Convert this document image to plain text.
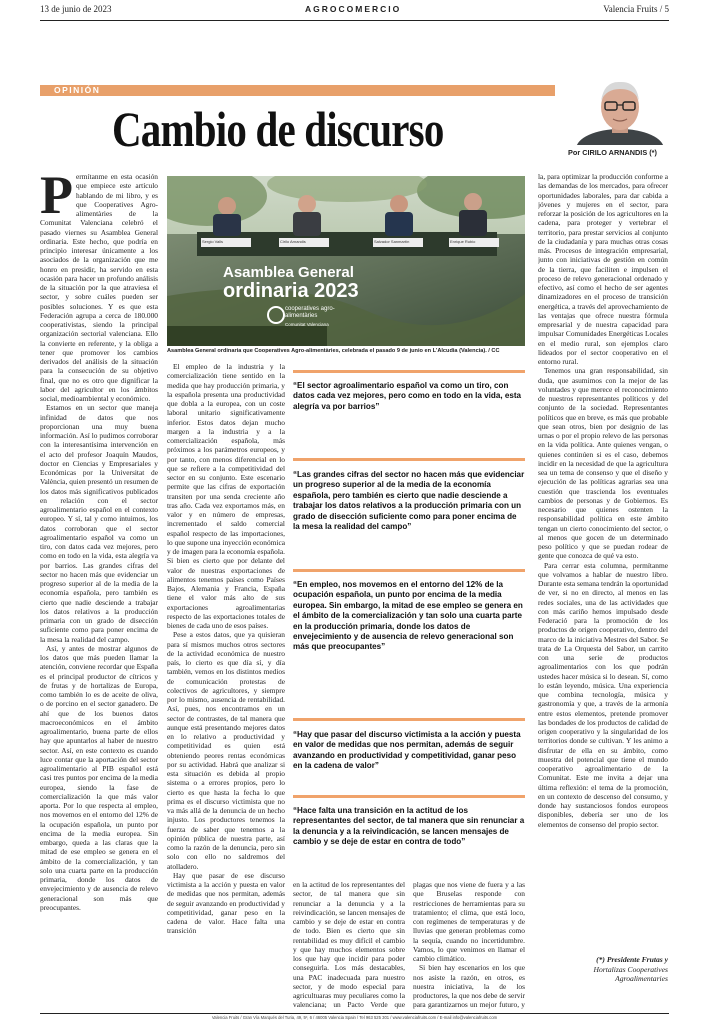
13 de junio de 2023	AGROCOMERCIO	Valencia Fruits / 5
OPINIÓN
Cambio de discurso	Por CIRILO ARNANDIS (*)

Permítanme en esta ocasión que empiece este artículo hablando de mi libro, y es que Cooperatives Agro-alimentàries de la Comunitat Valenciana celebró el pasado viernes su Asamblea General ordinaria. Este hecho, que podría en principio interesar únicamente a los asociados de la organización que me honro en presidir, ha servido en esta ocasión para hacer un profundo análisis de la situación por la que atraviesa el sector, y sobre cuáles pueden ser posibles soluciones. Y es que esta Federación agrupa a cerca de 180.000 cooperativistas, siendo la principal organización sectorial valenciana. Ello la convierte en referente, y la obliga a tener que promover los cambios derivados del análisis de la situación para la consecución de su objetivo final, que no es otro que dignificar la labor del agricultor en los ámbitos social, medioambiental y económico.

Estamos en un sector que maneja infinidad de datos que nos proporcionan una muy buena información. Así lo pudimos corroborar con la interesantísima intervención en el acto del profesor Joaquín Maudos, doctor en Ciencias y Empresariales y Económicas por la Universitat de València, quien presentó un resumen de los datos más significativos publicados en relación con el sector agroalimentario español en el contexto europeo. Y sí, tal y como intuimos, los datos corroboran que el sector agroalimentario español va como un tiro, con datos cada vez mejores, pero como en todo en la vida, esta alegría va por barrios. Las grandes cifras del sector no hacen más que evidenciar un progreso superior al de la media de la economía española, pero también es cierto que nadie desciende a trabajar los datos relativos a la producción primaria con un grado de disección suficiente como para poner encima de la mesa la realidad del campo.

Así, y antes de mostrar algunos de los datos que más pueden llamar la atención, conviene recordar que España es el principal productor de cítricos y de frutas y de hortalizas de Europa, como también lo es de aceite de oliva, o de porcino en el sector ganadero. De ahí que de los buenos datos macroeconómicos en el ámbito agroalimentario, buena parte de ellos hay que apuntarlos al haber de nuestro sector. Así, en este contexto es cuando luce contar que la aportación del sector agroalimentario al PIB español está casi tres puntos por encima de la media europea, siendo la fase de comercialización la que más valor aporta. Por lo que respecta al empleo, nos movemos en el entorno del 12% de la ocupación española, un punto por encima de la media europea. Sin embargo, queda a las claras que la mitad de ese empleo se genera en el ámbito de la comercialización, y tan solo una cuarta parte en la producción primaria, donde los datos de envejecimiento y de ausencia de relevo generacional son más que preocupantes.

Sergio Valls	Cirilo Arnandis	Salvador Sanmartín	Enrique Rubio
Asamblea General
ordinaria 2023
cooperatives agro-alimentàries
Comunitat Valenciana
Asamblea General ordinaria que Cooperatives Agro-alimentàries, celebrada el pasado 9 de junio en L'Alcudia (Valencia). / CC

El empleo de la industria y la comercialización tiene sentido en la medida que hay producción primaria, y la española presenta una productividad que dobla a la europea, con un coste laboral unitario significativamente inferior. Estos datos dejan mucho margen a la industria y a la comercialización española, más próximos a los parámetros europeos, y por tanto, con menos diferencial en lo que se refiere a la competitividad del sector en su conjunto. Este escenario permite que las cifras de exportación transiten por una senda creciente año tras año. Cada vez exportamos más, en valor y en número de empresas, incrementado el saldo comercial español respecto de las importaciones, lo que supone una inyección económica y de imagen para la economía española. Si bien es cierto que por delante del valor de nuestras exportaciones de alimentos tenemos países como Países Bajos, Alemania y Francia, España tiene el valor más alto de sus exportaciones agroalimentarias respecto de las exportaciones totales de bienes de cada uno de esos países.

Pese a estos datos, que ya quisieran para sí mismos muchos otros sectores de la actividad económica de nuestro país, lo cierto es que día sí, y día también, vemos en los distintos medios de comunicación protestas de colectivos de agricultores, y siempre por lo mismo, ausencia de rentabilidad. Así, pues, nos encontramos en un sector de contrastes, de tal manera que aunque está presentando mejores datos en lo relativo a productividad y competitividad es quien está obteniendo peores rentas económicas por su actividad. Habrá que analizar si esta situación es debida al propio sistema o a errores propios, pero lo cierto es que hasta la fecha lo que prima es el discurso victimista que no va más allá de la denuncia de un hecho injusto. Los productores tenemos la fuerza de saber que tenemos a la opinión pública de nuestra parte, así como la razón de la denuncia, pero sin solo con ello no saldremos del atolladero.

Hay que pasar de ese discurso victimista a la acción y puesta en valor de medidas que nos permitan, además de seguir avanzando en productividad y competitividad, ganar peso en la cadena de valor. Hace falta una transición

“El sector agroalimentario español va como un tiro, con datos cada vez mejores, pero como en todo en la vida, esta alegría va por barrios”
“Las grandes cifras del sector no hacen más que evidenciar un progreso superior al de la media de la economía española, pero también es cierto que nadie desciende a trabajar los datos relativos a la producción primaria con un grado de disección suficiente como para poner encima de la mesa la realidad del campo”
“En empleo, nos movemos en el entorno del 12% de la ocupación española, un punto por encima de la media europea. Sin embargo, la mitad de ese empleo se genera en el ámbito de la comercialización y tan solo una cuarta parte en la producción primaria, donde los datos de envejecimiento y de ausencia de relevo generacional son más que preocupantes”
“Hay que pasar del discurso victimista a la acción y puesta en valor de medidas que nos permitan, además de seguir avanzando en productividad y competitividad, ganar peso en la cadena de valor”
“Hace falta una transición en la actitud de los representantes del sector, de tal manera que sin renunciar a la denuncia y a la reivindicación, se lancen mensajes de cambio y se deje de estar en contra de todo”

en la actitud de los representantes del sector, de tal manera que sin renunciar a la denuncia y a la reivindicación, se lancen mensajes de cambio y se deje de estar en contra de todo. Bien es cierto que sin rentabilidad es muy difícil el cambio y que hay muchos elementos sobre los que hay que incidir para poder conseguirla. Los más destacables, una PAC inadecuada para nuestro sector, y de modo especial para agricultuaras muy peculiares como la valenciana; un Pacto Verde que

plagas que nos viene de fuera y a las que Bruselas responde con restricciones de herramientas para su tratamiento; el clima, que está loco, con regímenes de temperaturas y de lluvias que generan problemas como la sequía, cuando no incertidumbre. Vamos, lo que venimos en llamar el cambio climático.

Si bien hay escenarios en los que nos asiste la razón, en otros, es nuestra iniciativa, la de los productores, la que nos debe de servir para garantizarnos un mejor futuro, y

la, para optimizar la producción conforme a las demandas de los mercados, para ofrecer oportunidades laborales, para dar cabida a jóvenes y mujeres en el sector, para reforzar la posición de los agricultores en la cadena, para proteger y vertebrar el territorio, para prestar servicios al conjunto de la ciudadanía y para muchas otras cosas más. Procesos de integración empresarial, junto con iniciativas de gestión en común de la tierra, que faciliten e impulsen el proceso de relevo generacional ordenado y efectivo, así como el hecho de ser agentes dinamizadores en el proceso de transición energética, a través del aprovechamiento de las ventajas que ofrece nuestra fórmula empresarial y de nuestra capacidad para impulsar Comunidades Energéticas Locales en el medio rural, son ejemplos claro lideados por el sector cooperativo en el entorno rural.

Tenemos una gran responsabilidad, sin duda, que asumimos con la mejor de las voluntades y que merece el reconocimiento de nuestros representantes políticos y del conjunto de la sociedad. Representantes políticos que en breve, es más que probable que sean otros, bien por designio de las urnas o por el propio relevo de las personas en la vida política. Ante quienes vengan, o quienes continúen si es el caso, debemos incidir en la necesidad de que la agricultura sea un tema de consenso y que el diseño y ejecución de las políticas agrarias sea una cuestión que trascienda los eventuales cambios de personas y de Gobiernos. Es necesario que quienes ostenten la responsabilidad política en este ámbito tengan un cierto conocimiento del sector, o al menos que gocen de un determinado peso político y que se puedan rodear de gente que conozca de qué va esto.

Para cerrar esta columna, permítanme que volvamos a hablar de nuestro libro. Durante esta semana tendrán la oportunidad de ver, si no en directo, al menos en las redes sociales, una de las actividades que con más cariño hemos impulsado desde Federació para la promoción de los productos de origen cooperativo, dentro del marco de la iniciativa Mestres del Sabor. Se trata de La Orquesta del Sabor, un carrito con una serie de productos agroalimentarios con los que podrán ustedes hacer música si lo desean. Sí, como lo están leyendo, música. Una experiencia que combina tecnología, música y gastronomía y que, a través de la armonía entre estos elementos, pretende promover las bondades de los productos de calidad de origen cooperativo y la singularidad de los territorios donde se cultivan. Y les animo a disfrutar de ella en su ámbito, como muestra del potencial que tiene el mundo cooperativo agroalimentario de la Comunitat. Este me invita a dejar una última reflexión: el tema de la promoción, en un contexto de descenso del consumo, y donde hay sustanciosos fondos europeos disponibles, debería ser uno de los elementos de consenso del propio sector.

(*) Presidente Frutas y
Hortalizas Cooperatives
Agroalimentaries
Valencia Fruits / Gran Vía Marqués del Turia, 49, 5º, 6 / 46005 Valencia Spain / Tel 963 525 301 / www.valenciafruits.com / E-mail info@valenciafruits.com
